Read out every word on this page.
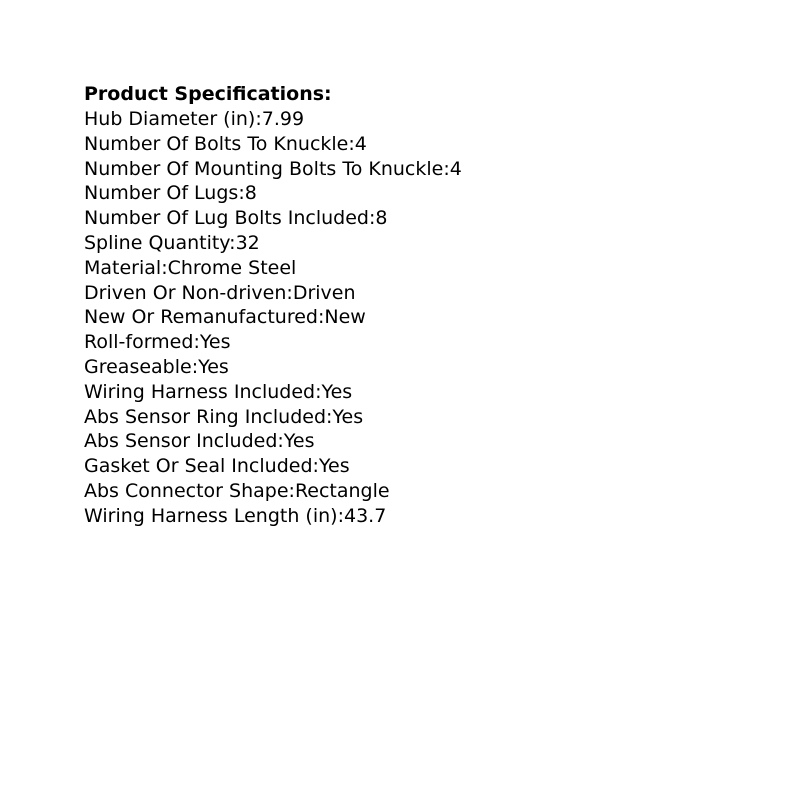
Product Specifications:
Hub Diameter (in):7.99
Number Of Bolts To Knuckle:4
Number Of Mounting Bolts To Knuckle:4
Number Of Lugs:8
Number Of Lug Bolts Included:8
Spline Quantity:32
Material:Chrome Steel
Driven Or Non-driven:Driven
New Or Remanufactured:New
Roll-formed:Yes
Greaseable:Yes
Wiring Harness Included:Yes
Abs Sensor Ring Included:Yes
Abs Sensor Included:Yes
Gasket Or Seal Included:Yes
Abs Connector Shape:Rectangle
Wiring Harness Length (in):43.7
